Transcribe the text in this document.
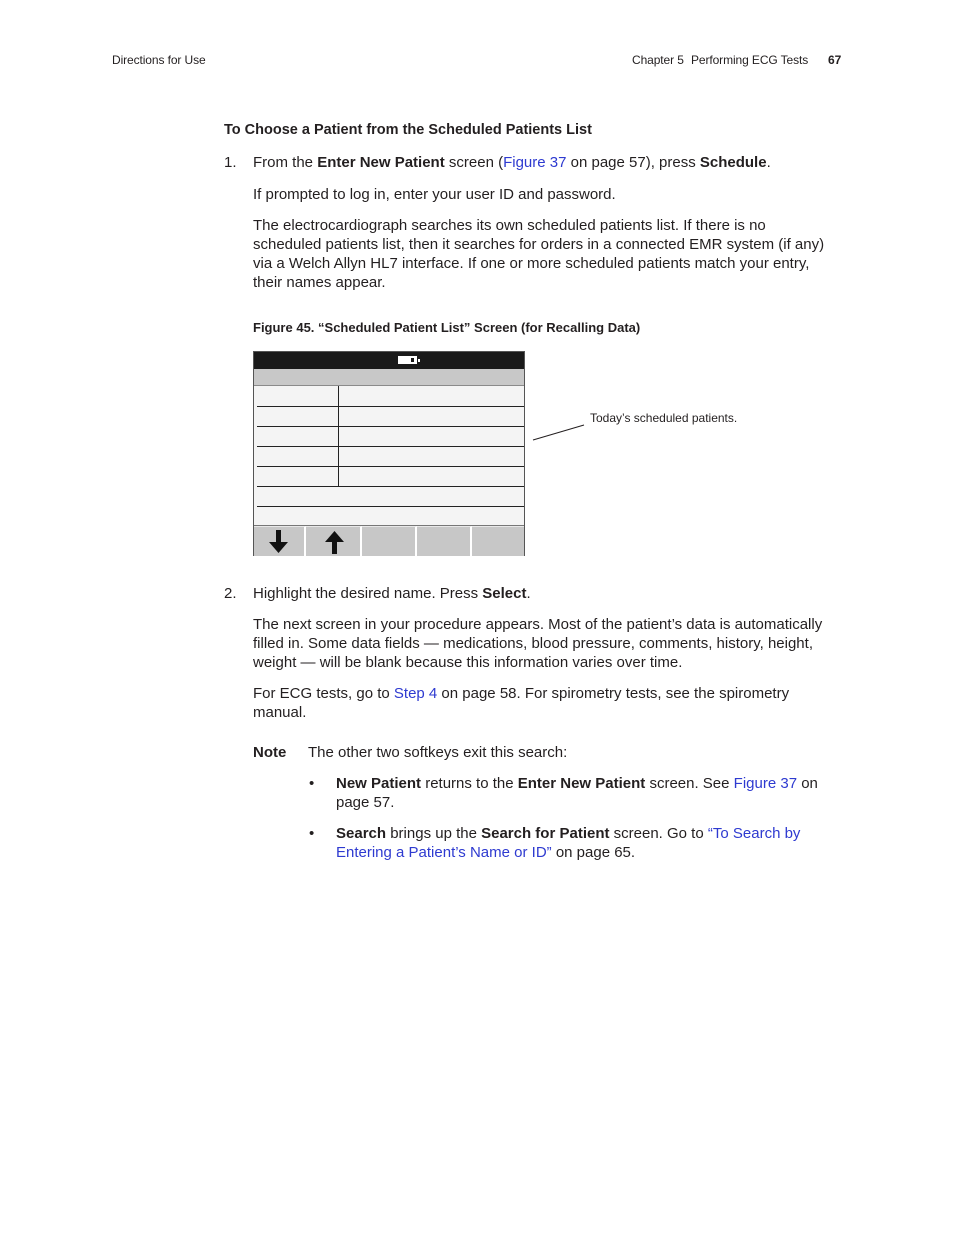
Directions for Use	Chapter 5 Performing ECG Tests 67
To Choose a Patient from the Scheduled Patients List
1. From the Enter New Patient screen (Figure 37 on page 57), press Schedule.
If prompted to log in, enter your user ID and password.

The electrocardiograph searches its own scheduled patients list. If there is no

scheduled patients list, then it searches for orders in a connected EMR system (if any)

via a Welch Allyn HL7 interface. If one or more scheduled patients match your entry,

their names appear.

Figure 45. “Scheduled Patient List” Screen (for Recalling Data)
Today’s scheduled patients.
2. Highlight the desired name. Press Select.

The next screen in your procedure appears. Most of the patient’s data is automatically

filled in. Some data fields — medications, blood pressure, comments, history, height,

weight — will be blank because this information varies over time.

For ECG tests, go to Step 4 on page 58. For spirometry tests, see the spirometry

manual.

Note The other two softkeys exit this search:
• New Patient returns to the Enter New Patient screen. See Figure 37 on

page 57.

• Search brings up the Search for Patient screen. Go to “To Search by

Entering a Patient’s Name or ID” on page 65.
